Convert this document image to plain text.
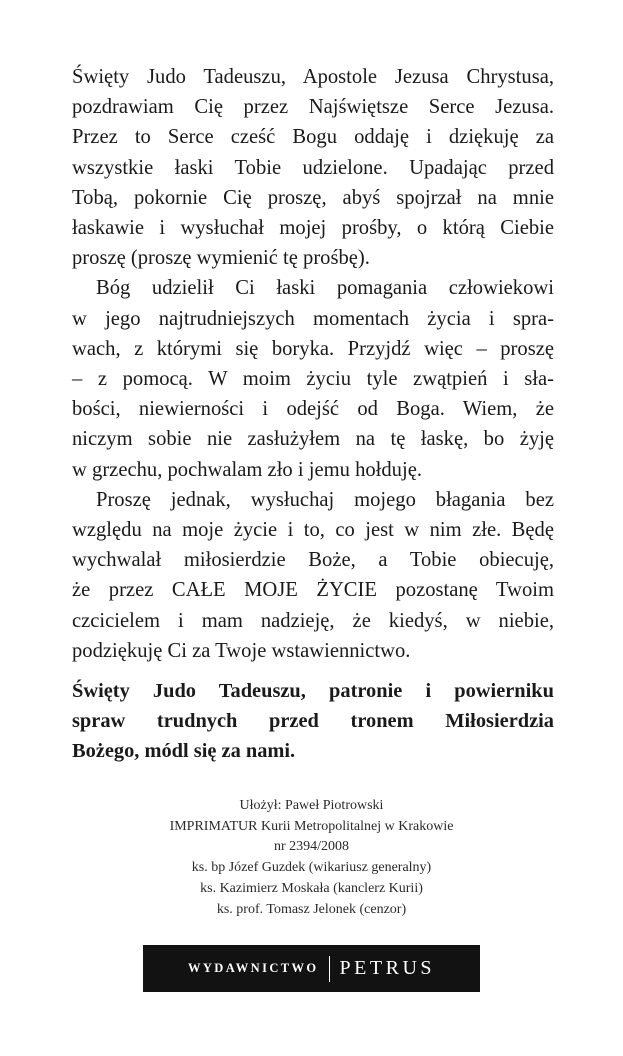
Święty Judo Tadeuszu, Apostole Jezusa Chrystusa,
pozdrawiam Cię przez Najświętsze Serce Jezusa.
Przez to Serce cześć Bogu oddaję i dziękuję za
wszystkie łaski Tobie udzielone. Upadając przed
Tobą, pokornie Cię proszę, abyś spojrzał na mnie
łaskawie i wysłuchał mojej prośby, o którą Ciebie
proszę (proszę wymienić tę prośbę).
Bóg udzielił Ci łaski pomagania człowiekowi
w jego najtrudniejszych momentach życia i spra-
wach, z którymi się boryka. Przyjdź więc – proszę
– z pomocą. W moim życiu tyle zwątpień i sła-
bości, niewierności i odejść od Boga. Wiem, że
niczym sobie nie zasłużyłem na tę łaskę, bo żyję
w grzechu, pochwalam zło i jemu hołduję.
Proszę jednak, wysłuchaj mojego błagania bez
względu na moje życie i to, co jest w nim złe. Będę
wychwalał miłosierdzie Boże, a Tobie obiecuję,
że przez CAŁE MOJE ŻYCIE pozostanę Twoim
czcicielem i mam nadzieję, że kiedyś, w niebie,
podziękuję Ci za Twoje wstawiennictwo.
Święty Judo Tadeuszu, patronie i powierniku
spraw trudnych przed tronem Miłosierdzia
Bożego, módl się za nami.
Ułożył: Paweł Piotrowski
IMPRIMATUR Kurii Metropolitalnej w Krakowie
nr 2394/2008
ks. bp Józef Guzdek (wikariusz generalny)
ks. Kazimierz Moskała (kanclerz Kurii)
ks. prof. Tomasz Jelonek (cenzor)
WYDAWNICTWO PETRUS
